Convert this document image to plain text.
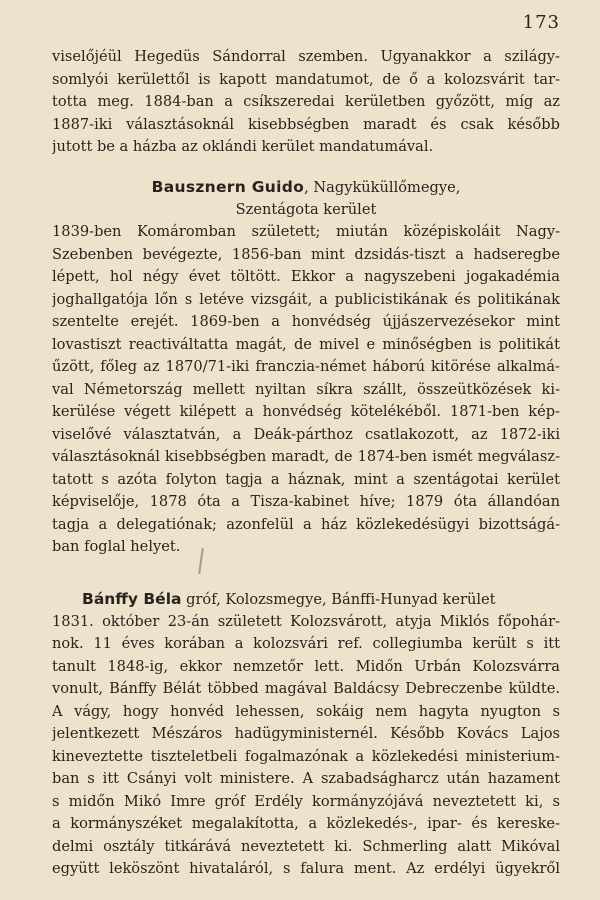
173
viselőjéül Hegedüs Sándorral szemben. Ugyanakkor a szilágy-
somlyói kerülettől is kapott mandatumot, de ő a kolozsvárit tar-
totta meg. 1884-ban a csíkszeredai kerületben győzött, míg az
1887-iki választásoknál kisebbségben maradt és csak később
jutott be a házba az oklándi kerület mandatumával.
Bausznern Guido, Nagyküküllőmegye,
Szentágota kerület
1839-ben Komáromban született; miután középiskoláit Nagy-
Szebenben bevégezte, 1856-ban mint dzsidás-tiszt a hadseregbe
lépett, hol négy évet töltött. Ekkor a nagyszebeni jogakadémia
joghallgatója lőn s letéve vizsgáit, a publicistikának és politikának
szentelte erejét. 1869-ben a honvédség újjászervezésekor mint
lovastiszt reactiváltatta magát, de mivel e minőségben is politikát
űzött, főleg az 1870/71-iki franczia-német háború kitörése alkalmá-
val Németország mellett nyiltan síkra szállt, összeütközések ki-
kerülése végett kilépett a honvédség kötelékéből. 1871-ben kép-
viselővé választatván, a Deák-párthoz csatlakozott, az 1872-iki
választásoknál kisebbségben maradt, de 1874-ben ismét megválasz-
tatott s azóta folyton tagja a háznak, mint a szentágotai kerület
képviselője, 1878 óta a Tisza-kabinet híve; 1879 óta állandóan
tagja a delegatiónak; azonfelül a ház közlekedésügyi bizottságá-
ban foglal helyet.
Bánffy Béla gróf, Kolozsmegye, Bánffi-Hunyad kerület
1831. október 23-án született Kolozsvárott, atyja Miklós főpohár-
nok. 11 éves korában a kolozsvári ref. collegiumba került s itt
tanult 1848-ig, ekkor nemzetőr lett. Midőn Urbán Kolozsvárra
vonult, Bánffy Bélát többed magával Baldácsy Debreczenbe küldte.
A vágy, hogy honvéd lehessen, sokáig nem hagyta nyugton s
jelentkezett Mészáros hadügyministernél. Később Kovács Lajos
kineveztette tiszteletbeli fogalmazónak a közlekedési ministerium-
ban s itt Csányi volt ministere. A szabadságharcz után hazament
s midőn Mikó Imre gróf Erdély kormányzójává neveztetett ki, s
a kormányszéket megalakította, a közlekedés-, ipar- és kereske-
delmi osztály titkárává neveztetett ki. Schmerling alatt Mikóval
együtt leköszönt hivataláról, s falura ment. Az erdélyi ügyekről
